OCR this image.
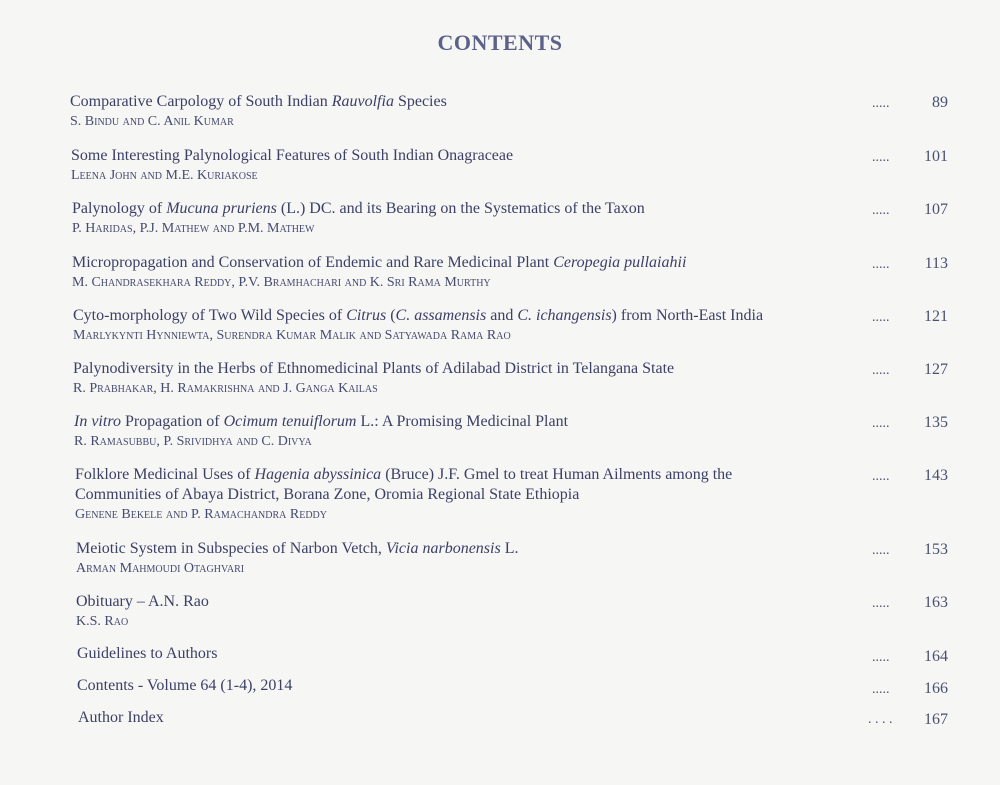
CONTENTS
Comparative Carpology of South Indian Rauvolfia Species
S. Bindu and C. Anil Kumar
.....	89
Some Interesting Palynological Features of South Indian Onagraceae
Leena John and M.E. Kuriakose
.....	101
Palynology of Mucuna pruriens (L.) DC. and its Bearing on the Systematics of the Taxon
P. Haridas, P.J. Mathew and P.M. Mathew
.....	107
Micropropagation and Conservation of Endemic and Rare Medicinal Plant Ceropegia pullaiahii
M. Chandrasekhara Reddy, P.V. Bramhachari and K. Sri Rama Murthy
.....	113
Cyto-morphology of Two Wild Species of Citrus (C. assamensis and C. ichangensis) from North-East India
Marlykynti Hynniewta, Surendra Kumar Malik and Satyawada Rama Rao
.....	121
Palynodiversity in the Herbs of Ethnomedicinal Plants of Adilabad District in Telangana State
R. Prabhakar, H. Ramakrishna and J. Ganga Kailas
.....	127
In vitro Propagation of Ocimum tenuiflorum L.: A Promising Medicinal Plant
R. Ramasubbu, P. Srividhya and C. Divya
.....	135
Folklore Medicinal Uses of Hagenia abyssinica (Bruce) J.F. Gmel to treat Human Ailments among the
Communities of Abaya District, Borana Zone, Oromia Regional State Ethiopia
Genene Bekele and P. Ramachandra Reddy
.....	143
Meiotic System in Subspecies of Narbon Vetch, Vicia narbonensis L.
Arman Mahmoudi Otaghvari
.....	153
Obituary – A.N. Rao
K.S. Rao
.....	163
Guidelines to Authors	.....	164
Contents - Volume 64 (1-4), 2014	.....	166
Author Index	. . . .	167
